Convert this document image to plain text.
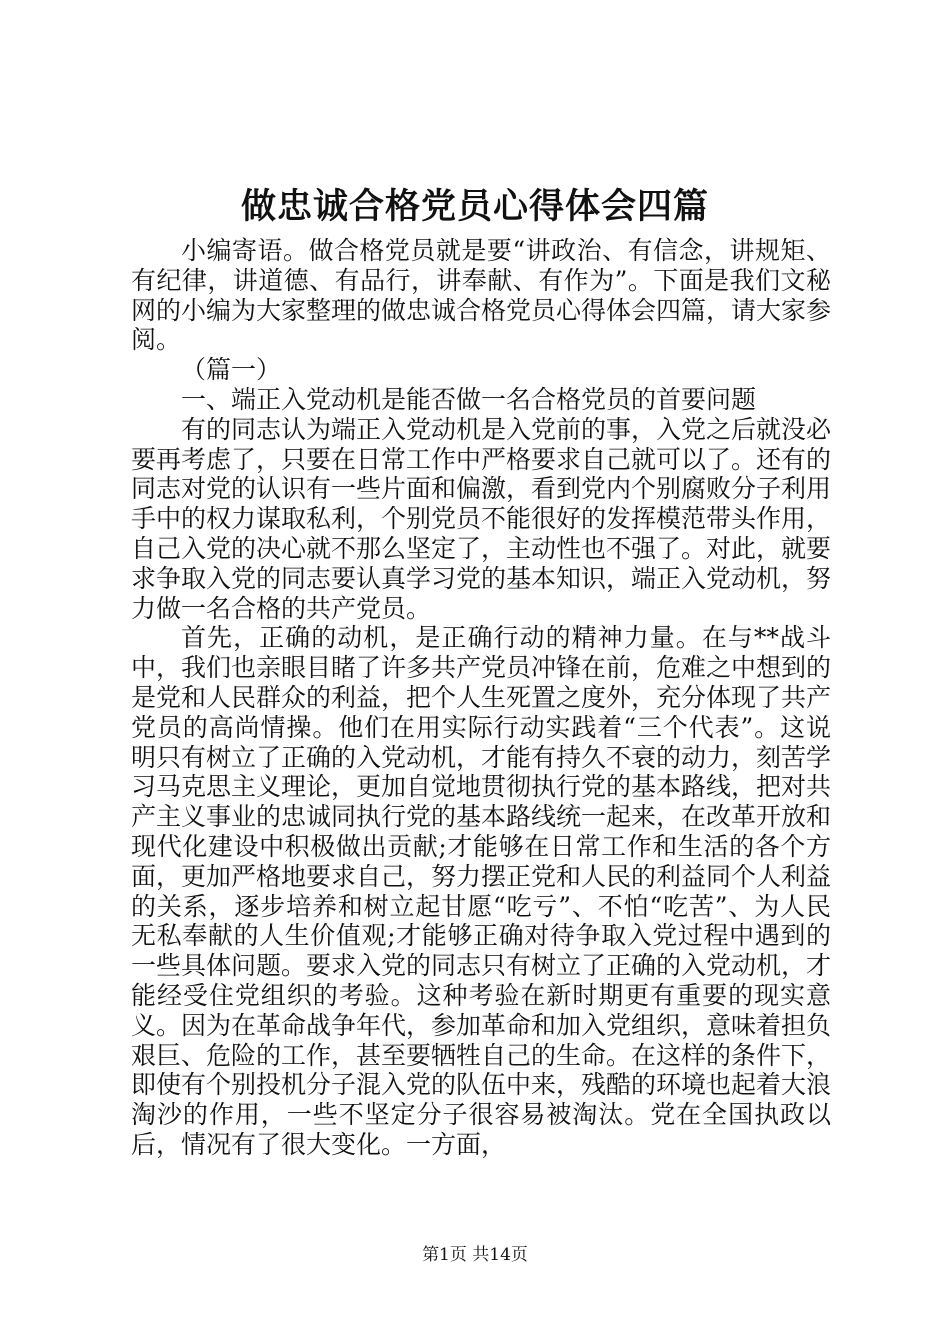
做忠诚合格党员心得体会四篇

小编寄语。做合格党员就是要“讲政治、有信念，讲规矩、有纪律，讲道德、有品行，讲奉献、有作为”。下面是我们文秘网的小编为大家整理的做忠诚合格党员心得体会四篇，请大家参阅。

（篇一）

一、端正入党动机是能否做一名合格党员的首要问题

有的同志认为端正入党动机是入党前的事，入党之后就没必要再考虑了，只要在日常工作中严格要求自己就可以了。还有的同志对党的认识有一些片面和偏激，看到党内个别腐败分子利用手中的权力谋取私利，个别党员不能很好的发挥模范带头作用，自己入党的决心就不那么坚定了，主动性也不强了。对此，就要求争取入党的同志要认真学习党的基本知识，端正入党动机，努力做一名合格的共产党员。

首先，正确的动机，是正确行动的精神力量。在与**战斗中，我们也亲眼目睹了许多共产党员冲锋在前，危难之中想到的是党和人民群众的利益，把个人生死置之度外，充分体现了共产党员的高尚情操。他们在用实际行动实践着“三个代表”。这说明只有树立了正确的入党动机，才能有持久不衰的动力，刻苦学习马克思主义理论，更加自觉地贯彻执行党的基本路线，把对共产主义事业的忠诚同执行党的基本路线统一起来，在改革开放和现代化建设中积极做出贡献;才能够在日常工作和生活的各个方面，更加严格地要求自己，努力摆正党和人民的利益同个人利益的关系，逐步培养和树立起甘愿“吃亏”、不怕“吃苦”、为人民无私奉献的人生价值观;才能够正确对待争取入党过程中遇到的一些具体问题。要求入党的同志只有树立了正确的入党动机，才能经受住党组织的考验。这种考验在新时期更有重要的现实意义。因为在革命战争年代，参加革命和加入党组织，意味着担负艰巨、危险的工作，甚至要牺牲自己的生命。在这样的条件下，即使有个别投机分子混入党的队伍中来，残酷的环境也起着大浪淘沙的作用，一些不坚定分子很容易被淘汰。党在全国执政以后，情况有了很大变化。一方面，

第1页 共14页
